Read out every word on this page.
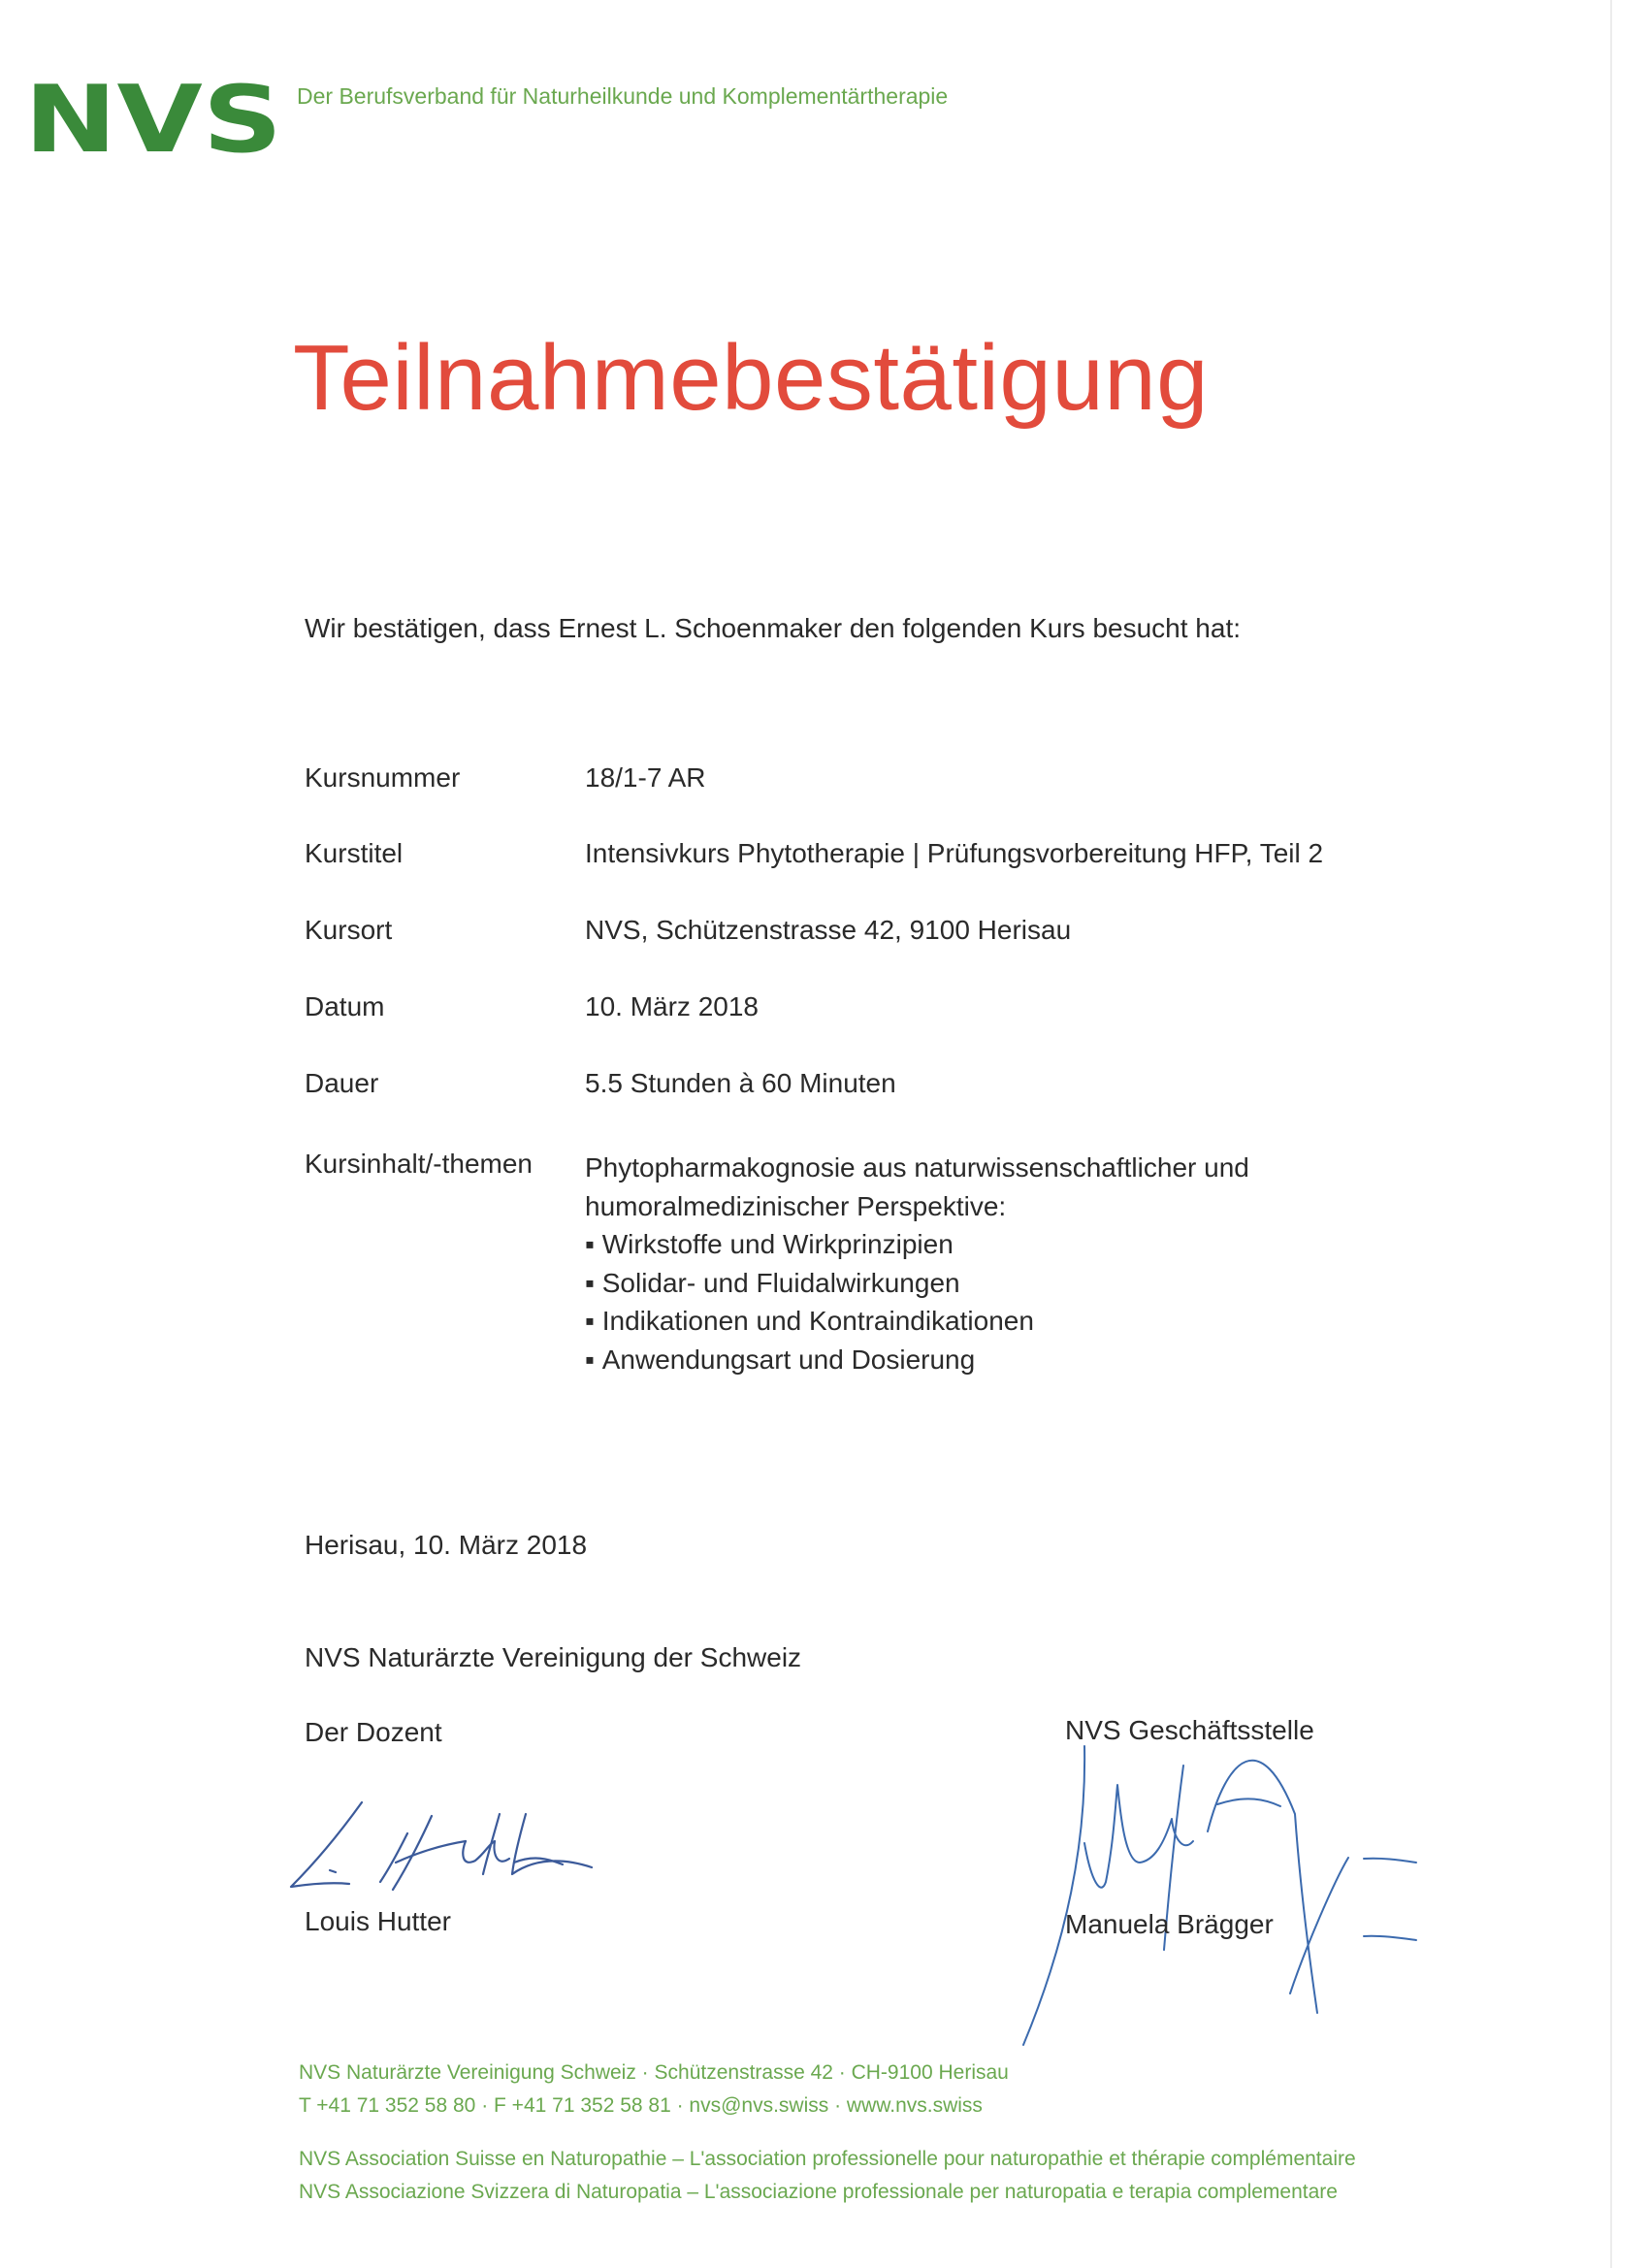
NVS Der Berufsverband für Naturheilkunde und Komplementärtherapie
Teilnahmebestätigung
Wir bestätigen, dass Ernest L. Schoenmaker den folgenden Kurs besucht hat:
Kursnummer	18/1-7 AR
Kurstitel	Intensivkurs Phytotherapie | Prüfungsvorbereitung HFP, Teil 2
Kursort	NVS, Schützenstrasse 42, 9100 Herisau
Datum	10. März 2018
Dauer	5.5 Stunden à 60 Minuten
Kursinhalt/-themen Phytopharmakognosie aus naturwissenschaftlicher und
humoralmedizinischer Perspektive:
▪ Wirkstoffe und Wirkprinzipien
▪ Solidar- und Fluidalwirkungen
▪ Indikationen und Kontraindikationen
▪ Anwendungsart und Dosierung
Herisau, 10. März 2018
NVS Naturärzte Vereinigung der Schweiz
Der Dozent	NVS Geschäftsstelle
Louis Hutter	Manuela Brägger
NVS Naturärzte Vereinigung Schweiz · Schützenstrasse 42 · CH-9100 Herisau
T +41 71 352 58 80 · F +41 71 352 58 81 · nvs@nvs.swiss · www.nvs.swiss
NVS Association Suisse en Naturopathie – L'association professionelle pour naturopathie et thérapie complémentaire
NVS Associazione Svizzera di Naturopatia – L'associazione professionale per naturopatia e terapia complementare
